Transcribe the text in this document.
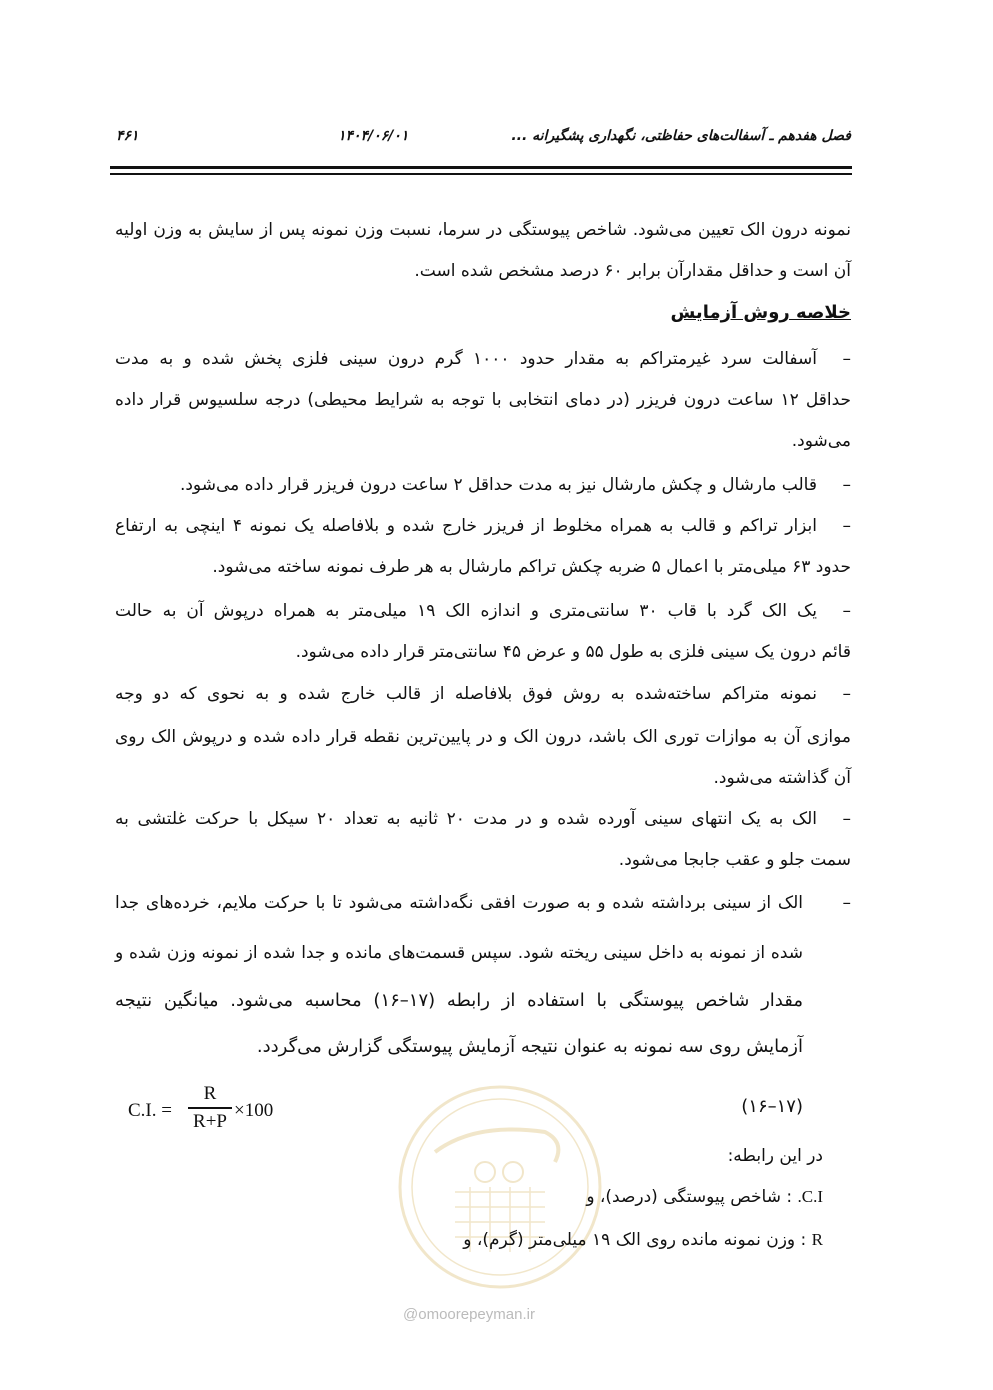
فصل هفدهم ـ آسفالت‌های حفاظتی، نگهداری پشگیرانه ...
۱۴۰۴/۰۶/۰۱
۴۶۱
نمونه درون الک تعیین می‌شود. شاخص پیوستگی در سرما، نسبت وزن نمونه پس از سایش به وزن اولیه
آن است و حداقل مقدارآن برابر ۶۰ درصد مشخص شده است.
خلاصه روش آزمایش
آسفالت سرد غیرمتراکم به مقدار حدود ۱۰۰۰ گرم درون سینی فلزی پخش شده و به مدت	–
حداقل ۱۲ ساعت درون فریزر (در دمای انتخابی با توجه به شرایط محیطی) درجه سلسیوس قرار داده
می‌شود.
–
قالب مارشال و چکش مارشال نیز به مدت حداقل ۲ ساعت درون فریزر قرار داده می‌شود.
ابزار تراکم و قالب به همراه مخلوط از فریزر خارج شده و بلافاصله یک نمونه ۴ اینچی به ارتفاع	–
حدود ۶۳ میلی‌متر با اعمال ۵ ضربه چکش تراکم مارشال به هر طرف نمونه ساخته می‌شود.
یک الک گرد با قاب ۳۰ سانتی‌متری و اندازه الک ۱۹ میلی‌متر به همراه درپوش آن به حالت	–
قائم درون یک سینی فلزی به طول ۵۵ و عرض ۴۵ سانتی‌متر قرار داده می‌شود.
نمونه متراکم ساخته‌شده به روش فوق بلافاصله از قالب خارج شده و به نحوی که دو وجه	–
موازی آن به موازات توری الک باشد، درون الک و در پایین‌ترین نقطه قرار داده شده و درپوش الک روی
آن گذاشته می‌شود.
الک به یک انتهای سینی آورده شده و در مدت ۲۰ ثانیه به تعداد ۲۰ سیکل با حرکت غلتشی به	–
سمت جلو و عقب جابجا می‌شود.
–
الک از سینی برداشته شده و به صورت افقی نگه‌داشته می‌شود تا با حرکت ملایم، خرده‌های جدا
شده از نمونه به داخل سینی ریخته شود. سپس قسمت‌های مانده و جدا شده از نمونه وزن شده و
مقدار شاخص پیوستگی با استفاده از رابطه (۱۷–۱۶) محاسبه می‌شود. میانگین نتیجه
آزمایش روی سه نمونه به عنوان نتیجه آزمایش پیوستگی گزارش می‌گردد.
C.I. =
R
R+P ×100	(۱۷–۱۶)
@omoorepeyman.ir
در این رابطه:
C.I. : شاخص پیوستگی (درصد)، و
R : وزن نمونه مانده روی الک ۱۹ میلی‌متر (گرم)، و
